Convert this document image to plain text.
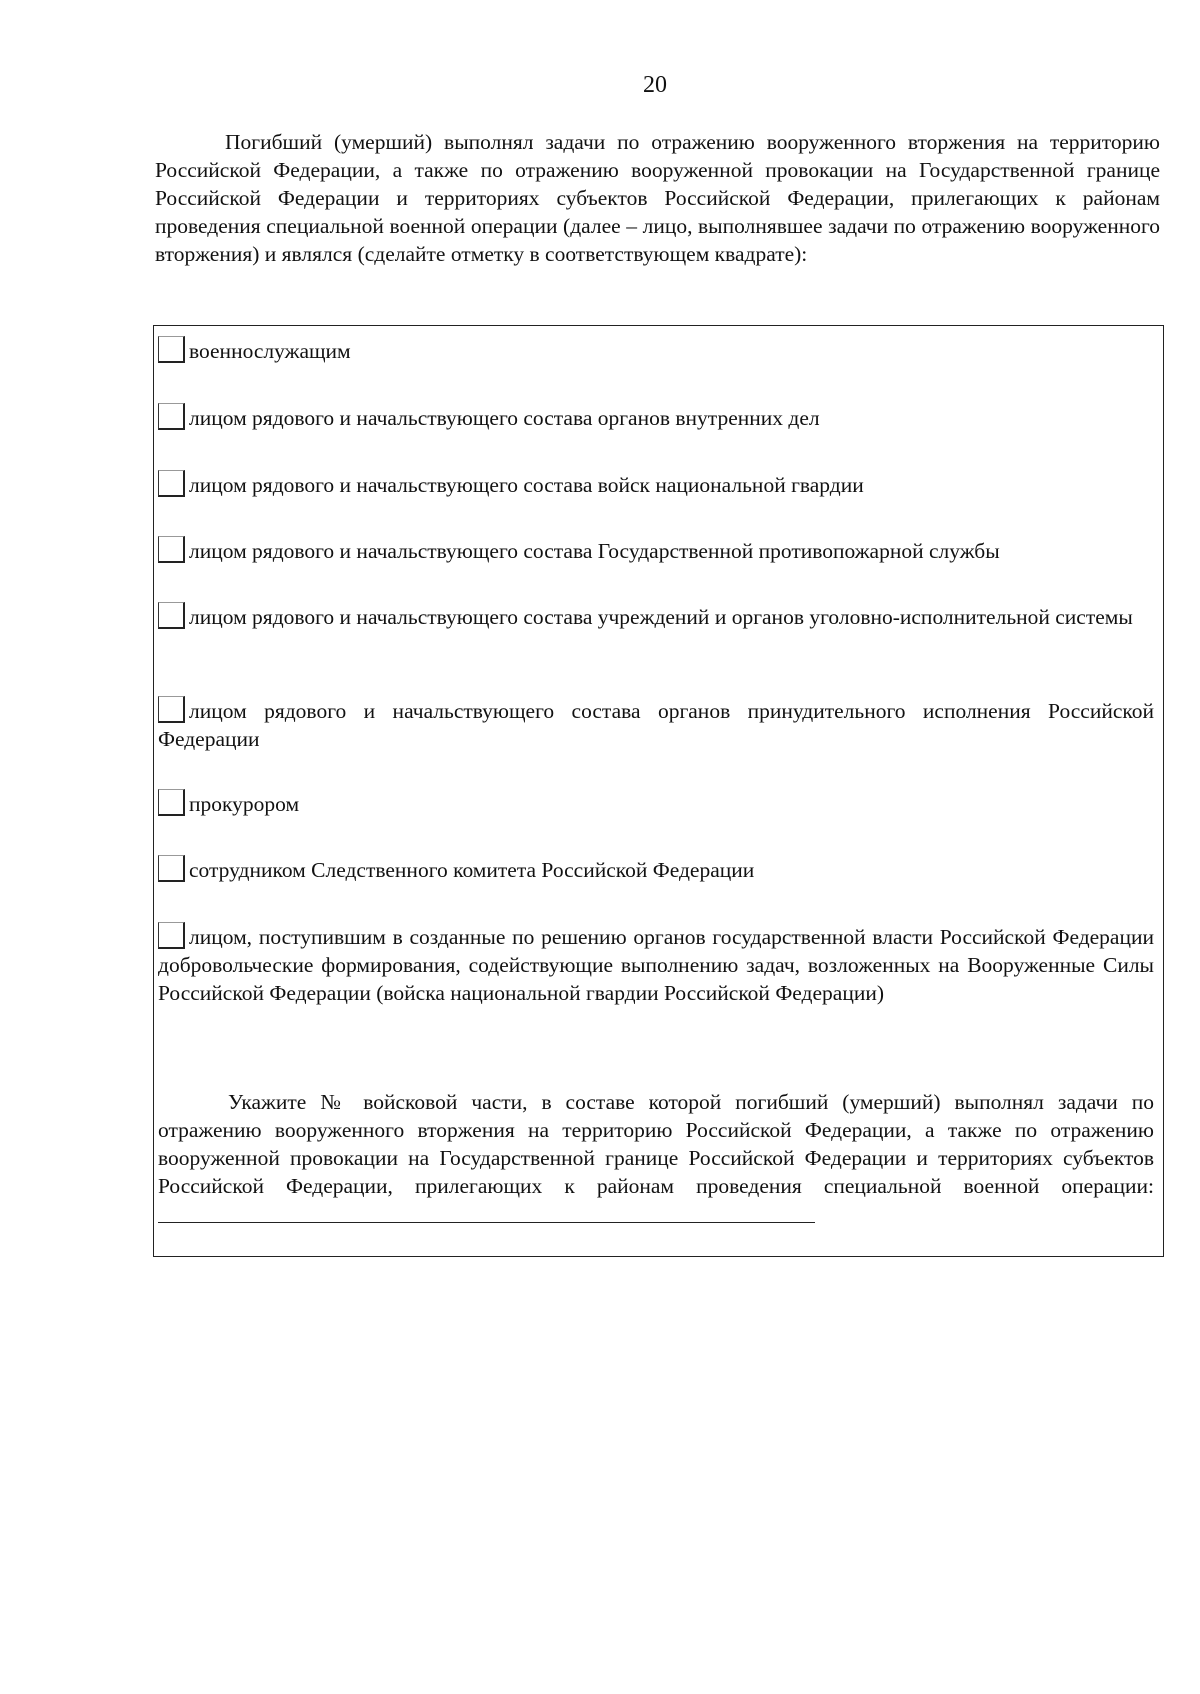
20

Погибший (умерший) выполнял задачи по отражению вооруженного вторжения на территорию Российской Федерации, а также по отражению вооруженной провокации на Государственной границе Российской Федерации и территориях субъектов Российской Федерации, прилегающих к районам проведения специальной военной операции (далее – лицо, выполнявшее задачи по отражению вооруженного вторжения) и являлся (сделайте отметку в соответствующем квадрате):

военнослужащим
лицом рядового и начальствующего состава органов внутренних дел
лицом рядового и начальствующего состава войск национальной гвардии
лицом рядового и начальствующего состава Государственной противопожарной службы
лицом рядового и начальствующего состава учреждений и органов уголовно-исполнительной системы
лицом рядового и начальствующего состава органов принудительного исполнения Российской Федерации
прокурором
сотрудником Следственного комитета Российской Федерации
лицом, поступившим в созданные по решению органов государственной власти Российской Федерации добровольческие формирования, содействующие выполнению задач, возложенных на Вооруженные Силы Российской Федерации (войска национальной гвардии Российской Федерации)
Укажите № войсковой части, в составе которой погибший (умерший) выполнял задачи по отражению вооруженного вторжения на территорию Российской Федерации, а также по отражению вооруженной провокации на Государственной границе Российской Федерации и территориях субъектов Российской Федерации, прилегающих к районам проведения специальной военной операции:
